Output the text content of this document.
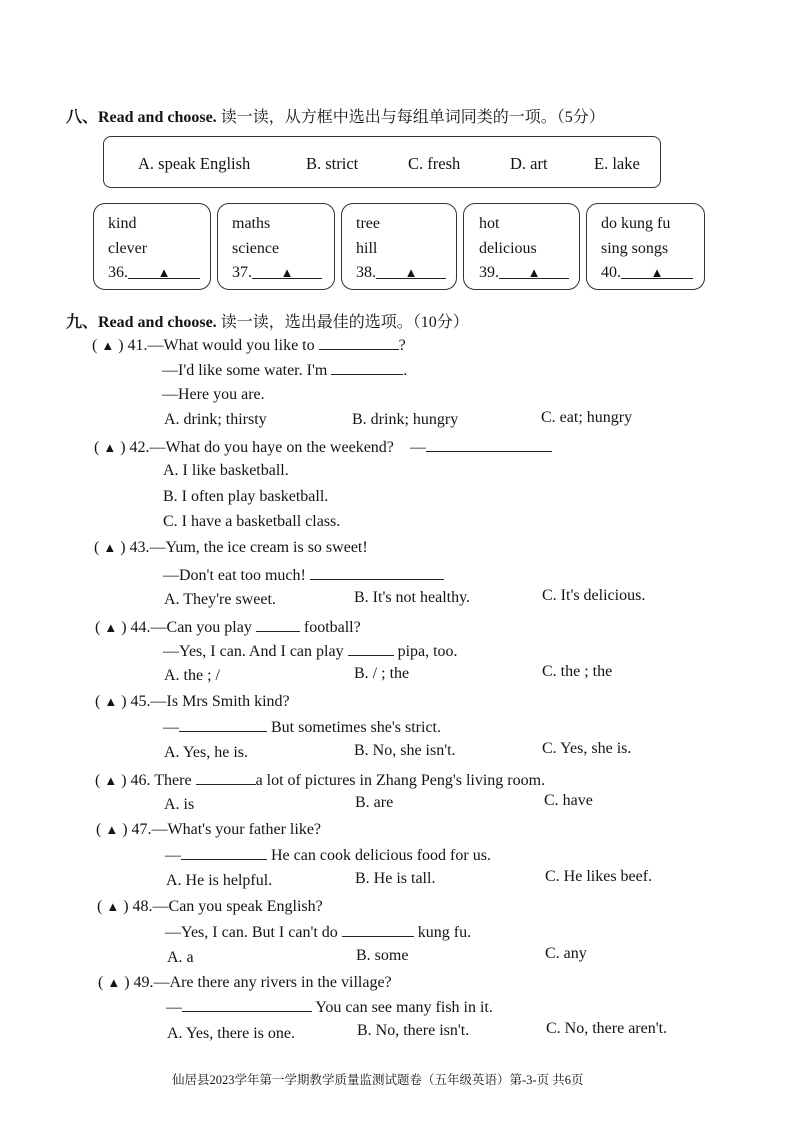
八、Read and choose. 读一读，从方框中选出与每组单词同类的一项。（5分）
A. speak English	B. strict	C. fresh	D. art	E. lake
kind
clever
36. ▲
maths
science
37. ▲
tree
hill
38. ▲
hot
delicious
39. ▲
do kung fu
sing songs
40. ▲
九、Read and choose. 读一读，选出最佳的选项。（10分）
( ▲ ) 41.—What would you like to	?
—I'd like some water. I'm	.
—Here you are.
A. drink; thirsty	B. drink; hungry	C. eat; hungry
( ▲ ) 42.—What do you haye on the weekend? —
A. I like basketball.
B. I often play basketball.
C. I have a basketball class.
( ▲ ) 43.—Yum, the ice cream is so sweet!
—Don't eat too much!
A. They're sweet.	B. It's not healthy.	C. It's delicious.
( ▲ ) 44.—Can you play	football?
—Yes, I can. And I can play	pipa, too.
A. the ; /	B. / ; the	C. the ; the
( ▲ ) 45.—Is Mrs Smith kind?
—	But sometimes she's strict.
A. Yes, he is.	B. No, she isn't.	C. Yes, she is.
( ▲ ) 46. There	a lot of pictures in Zhang Peng's living room.
A. is	B. are	C. have
( ▲ ) 47.—What's your father like?
—	He can cook delicious food for us.
A. He is helpful.	B. He is tall.	C. He likes beef.
( ▲ ) 48.—Can you speak English?
—Yes, I can. But I can't do	kung fu.
A. a	B. some	C. any
( ▲ ) 49.—Are there any rivers in the village?
—	You can see many fish in it.
A. Yes, there is one.	B. No, there isn't.	C. No, there aren't.
仙居县2023学年第一学期教学质量监测试题卷（五年级英语）第-3-页 共6页
